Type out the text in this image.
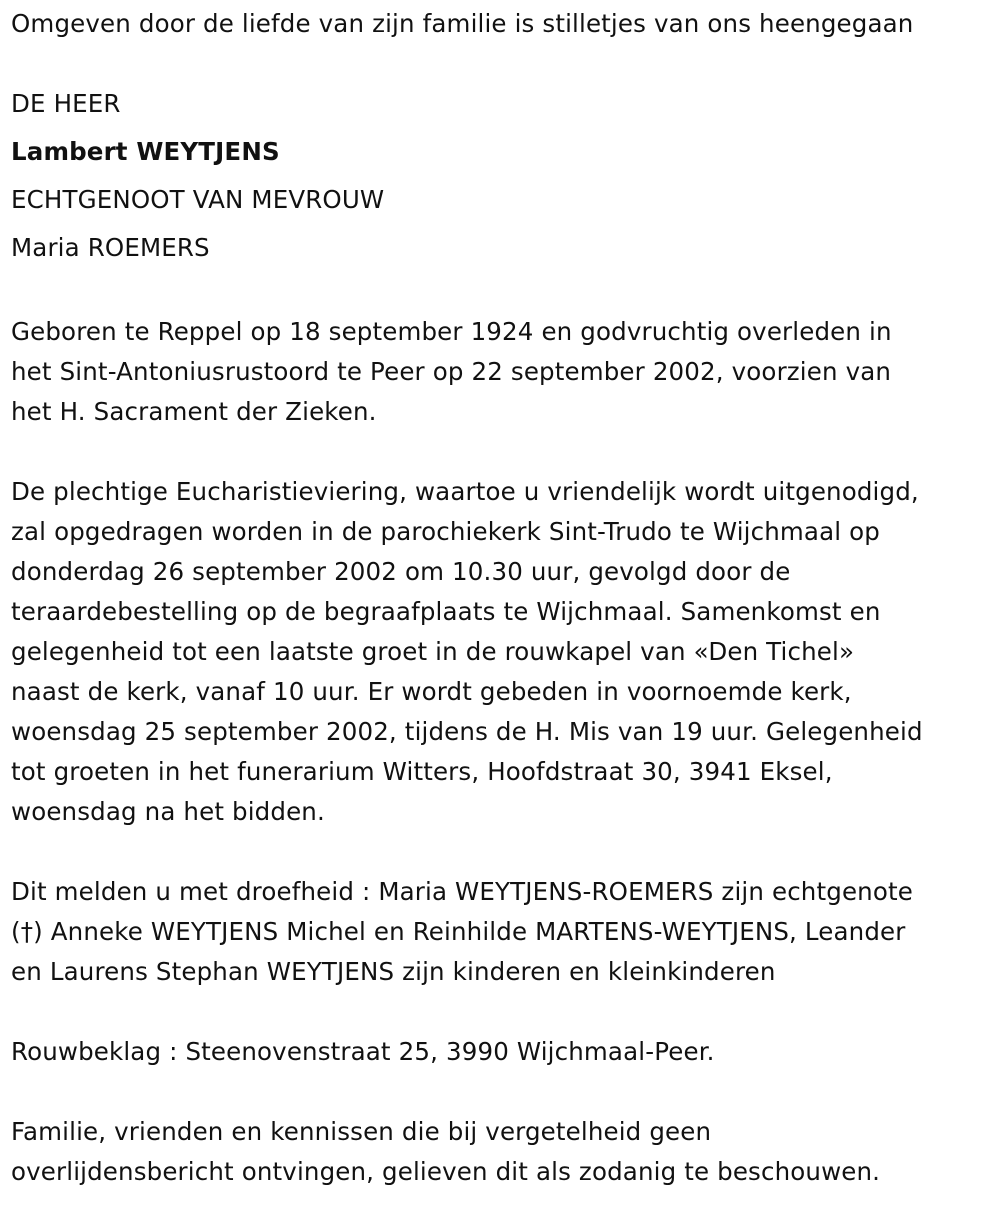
Omgeven door de liefde van zijn familie is stilletjes van ons heengegaan
DE HEER
Lambert WEYTJENS
ECHTGENOOT VAN MEVROUW
Maria ROEMERS
Geboren te Reppel op 18 september 1924 en godvruchtig overleden in
het Sint-Antoniusrustoord te Peer op 22 september 2002, voorzien van
het H. Sacrament der Zieken.
De plechtige Eucharistieviering, waartoe u vriendelijk wordt uitgenodigd,
zal opgedragen worden in de parochiekerk Sint-Trudo te Wijchmaal op
donderdag 26 september 2002 om 10.30 uur, gevolgd door de
teraardebestelling op de begraafplaats te Wijchmaal. Samenkomst en
gelegenheid tot een laatste groet in de rouwkapel van «Den Tichel»
naast de kerk, vanaf 10 uur. Er wordt gebeden in voornoemde kerk,
woensdag 25 september 2002, tijdens de H. Mis van 19 uur. Gelegenheid
tot groeten in het funerarium Witters, Hoofdstraat 30, 3941 Eksel,
woensdag na het bidden.
Dit melden u met droefheid : Maria WEYTJENS-ROEMERS zijn echtgenote
(†) Anneke WEYTJENS Michel en Reinhilde MARTENS-WEYTJENS, Leander
en Laurens Stephan WEYTJENS zijn kinderen en kleinkinderen
Rouwbeklag : Steenovenstraat 25, 3990 Wijchmaal-Peer.
Familie, vrienden en kennissen die bij vergetelheid geen
overlijdensbericht ontvingen, gelieven dit als zodanig te beschouwen.
